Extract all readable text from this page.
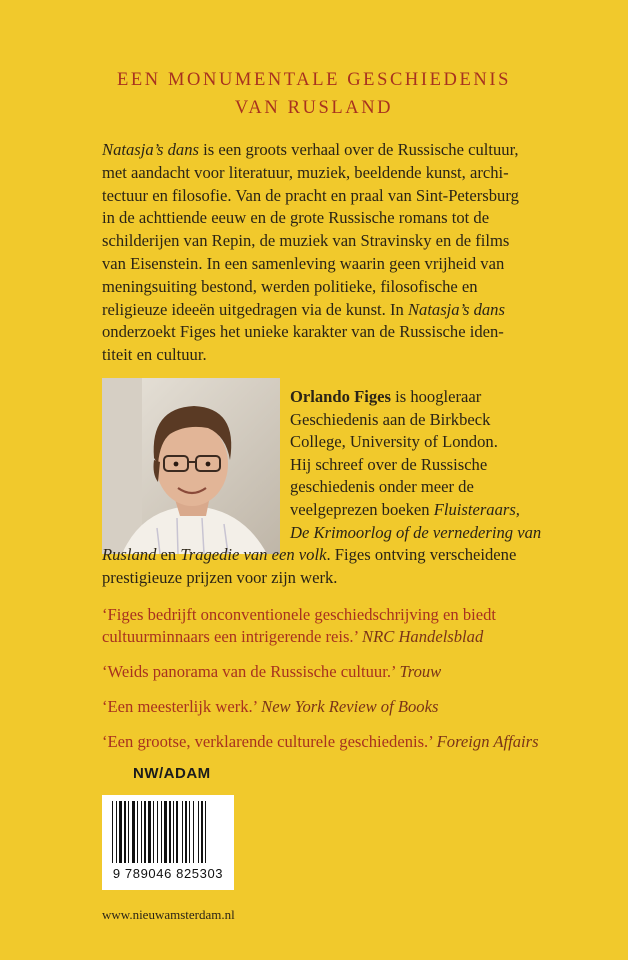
EEN MONUMENTALE GESCHIEDENIS
VAN RUSLAND
Natasja’s dans is een groots verhaal over de Russische cultuur,
met aandacht voor literatuur, muziek, beeldende kunst, archi-
tectuur en filosofie. Van de pracht en praal van Sint-Petersburg
in de achttiende eeuw en de grote Russische romans tot de
schilderijen van Repin, de muziek van Stravinsky en de films
van Eisenstein. In een samenleving waarin geen vrijheid van
meningsuiting bestond, werden politieke, filosofische en
religieuze ideeën uitgedragen via de kunst. In Natasja’s dans
onderzoekt Figes het unieke karakter van de Russische iden-
titeit en cultuur.
Orlando Figes is hoogleraar
Geschiedenis aan de Birkbeck
College, University of London.
Hij schreef over de Russische
geschiedenis onder meer de
veelgeprezen boeken Fluisteraars,
De Krimoorlog of de vernedering van
Rusland en Tragedie van een volk. Figes ontving verscheidene
prestigieuze prijzen voor zijn werk.
‘Figes bedrijft onconventionele geschiedschrijving en biedt
cultuurminnaars een intrigerende reis.’ NRC Handelsblad
‘Weids panorama van de Russische cultuur.’ Trouw
‘Een meesterlijk werk.’ New York Review of Books
‘Een grootse, verklarende culturele geschiedenis.’ Foreign Affairs
NW/ADAM
9 789046 825303
www.nieuwamsterdam.nl
